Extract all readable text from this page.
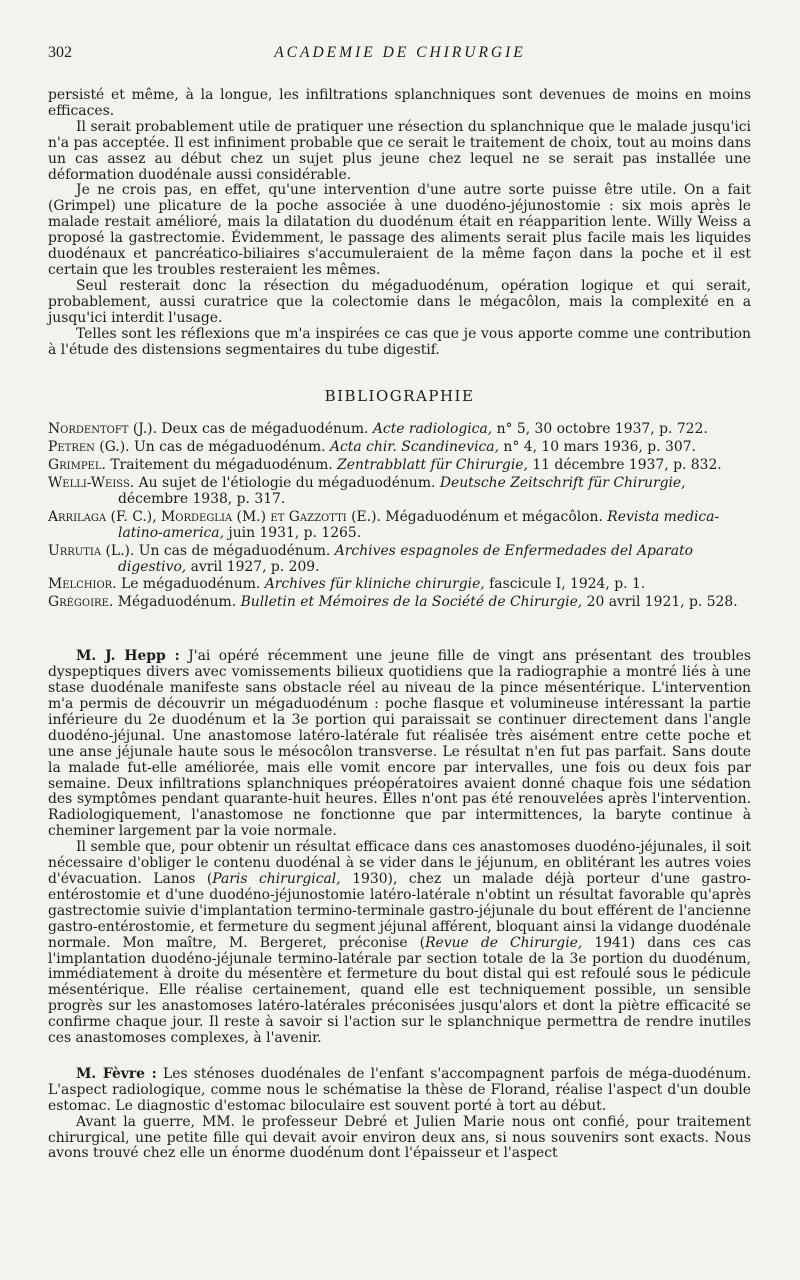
302	ACADEMIE DE CHIRURGIE

persisté et même, à la longue, les infiltrations splanchniques sont devenues de moins en moins efficaces.

Il serait probablement utile de pratiquer une résection du splanchnique que le malade jusqu'ici n'a pas acceptée. Il est infiniment probable que ce serait le traitement de choix, tout au moins dans un cas assez au début chez un sujet plus jeune chez lequel ne se serait pas installée une déformation duodénale aussi considérable.

Je ne crois pas, en effet, qu'une intervention d'une autre sorte puisse être utile. On a fait (Grimpel) une plicature de la poche associée à une duodéno-jéjunostomie : six mois après le malade restait amélioré, mais la dilatation du duodénum était en réapparition lente. Willy Weiss a proposé la gastrectomie. Évidemment, le passage des aliments serait plus facile mais les liquides duodénaux et pancréatico-biliaires s'accumuleraient de la même façon dans la poche et il est certain que les troubles resteraient les mêmes.

Seul resterait donc la résection du mégaduodénum, opération logique et qui serait, probablement, aussi curatrice que la colectomie dans le mégacôlon, mais la complexité en a jusqu'ici interdit l'usage.

Telles sont les réflexions que m'a inspirées ce cas que je vous apporte comme une contribution à l'étude des distensions segmentaires du tube digestif.

BIBLIOGRAPHIE
Nordentoft (J.). Deux cas de mégaduodénum. Acte radiologica, n° 5, 30 octobre 1937, p. 722.
Petren (G.). Un cas de mégaduodénum. Acta chir. Scandinevica, n° 4, 10 mars 1936, p. 307.
Grimpel. Traitement du mégaduodénum. Zentrabblatt für Chirurgie, 11 décembre 1937, p. 832.
Welli-Weiss. Au sujet de l'étiologie du mégaduodénum. Deutsche Zeitschrift für Chirurgie, décembre 1938, p. 317.
Arrilaga (F. C.), Mordeglia (M.) et Gazzotti (E.). Mégaduodénum et mégacôlon. Revista medica-latino-america, juin 1931, p. 1265.
Urrutia (L.). Un cas de mégaduodénum. Archives espagnoles de Enfermedades del Aparato digestivo, avril 1927, p. 209.
Melchior. Le mégaduodénum. Archives für kliniche chirurgie, fascicule I, 1924, p. 1.
Grégoire. Mégaduodénum. Bulletin et Mémoires de la Société de Chirurgie, 20 avril 1921, p. 528.

M. J. Hepp : J'ai opéré récemment une jeune fille de vingt ans présentant des troubles dyspeptiques divers avec vomissements bilieux quotidiens que la radiographie a montré liés à une stase duodénale manifeste sans obstacle réel au niveau de la pince mésentérique. L'intervention m'a permis de découvrir un mégaduodénum : poche flasque et volumineuse intéressant la partie inférieure du 2e duodénum et la 3e portion qui paraissait se continuer directement dans l'angle duodéno-jéjunal. Une anastomose latéro-latérale fut réalisée très aisément entre cette poche et une anse jéjunale haute sous le mésocôlon transverse. Le résultat n'en fut pas parfait. Sans doute la malade fut-elle améliorée, mais elle vomit encore par intervalles, une fois ou deux fois par semaine. Deux infiltrations splanchniques préopératoires avaient donné chaque fois une sédation des symptômes pendant quarante-huit heures. Elles n'ont pas été renouvelées après l'intervention. Radiologiquement, l'anastomose ne fonctionne que par intermittences, la baryte continue à cheminer largement par la voie normale.

Il semble que, pour obtenir un résultat efficace dans ces anastomoses duodéno-jéjunales, il soit nécessaire d'obliger le contenu duodénal à se vider dans le jéjunum, en oblitérant les autres voies d'évacuation. Lanos (Paris chirurgical, 1930), chez un malade déjà porteur d'une gastro-entérostomie et d'une duodéno-jéjunostomie latéro-latérale n'obtint un résultat favorable qu'après gastrectomie suivie d'implantation termino-terminale gastro-jéjunale du bout efférent de l'ancienne gastro-entérostomie, et fermeture du segment jéjunal afférent, bloquant ainsi la vidange duodénale normale. Mon maître, M. Bergeret, préconise (Revue de Chirurgie, 1941) dans ces cas l'implantation duodéno-jéjunale termino-latérale par section totale de la 3e portion du duodénum, immédiatement à droite du mésentère et fermeture du bout distal qui est refoulé sous le pédicule mésentérique. Elle réalise certainement, quand elle est techniquement possible, un sensible progrès sur les anastomoses latéro-latérales préconisées jusqu'alors et dont la piètre efficacité se confirme chaque jour. Il reste à savoir si l'action sur le splanchnique permettra de rendre inutiles ces anastomoses complexes, à l'avenir.

M. Fèvre : Les sténoses duodénales de l'enfant s'accompagnent parfois de méga-duodénum. L'aspect radiologique, comme nous le schématise la thèse de Florand, réalise l'aspect d'un double estomac. Le diagnostic d'estomac biloculaire est souvent porté à tort au début.

Avant la guerre, MM. le professeur Debré et Julien Marie nous ont confié, pour traitement chirurgical, une petite fille qui devait avoir environ deux ans, si nous souvenirs sont exacts. Nous avons trouvé chez elle un énorme duodénum dont l'épaisseur et l'aspect
